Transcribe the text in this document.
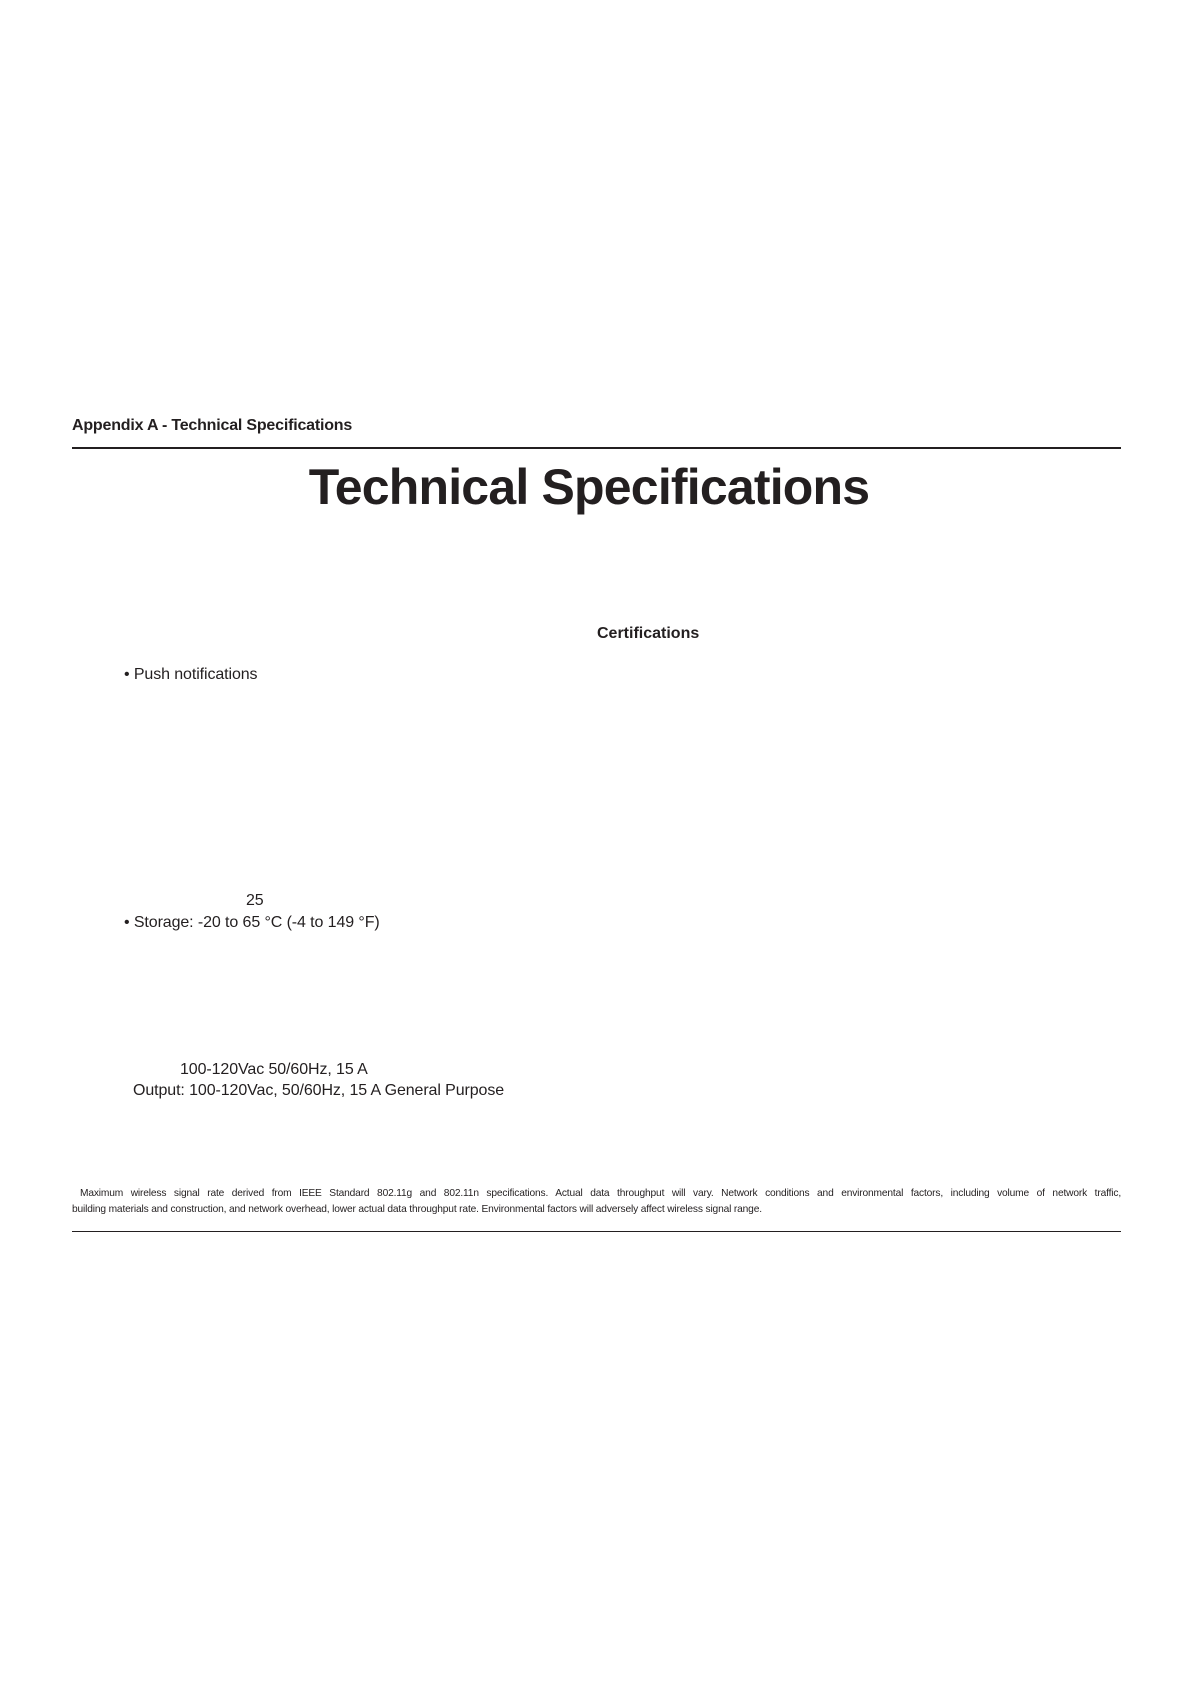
Appendix A - Technical Specifications
Technical Specifications
Certifications
• Push notifications
25
• Storage: -20 to 65 °C (-4 to 149 °F)
100-120Vac 50/60Hz, 15 A
Output: 100-120Vac, 50/60Hz, 15 A General Purpose
Maximum wireless signal rate derived from IEEE Standard 802.11g and 802.11n specifications. Actual data throughput will vary. Network conditions and environmental factors, including volume of network traffic,
building materials and construction, and network overhead, lower actual data throughput rate. Environmental factors will adversely affect wireless signal range.
